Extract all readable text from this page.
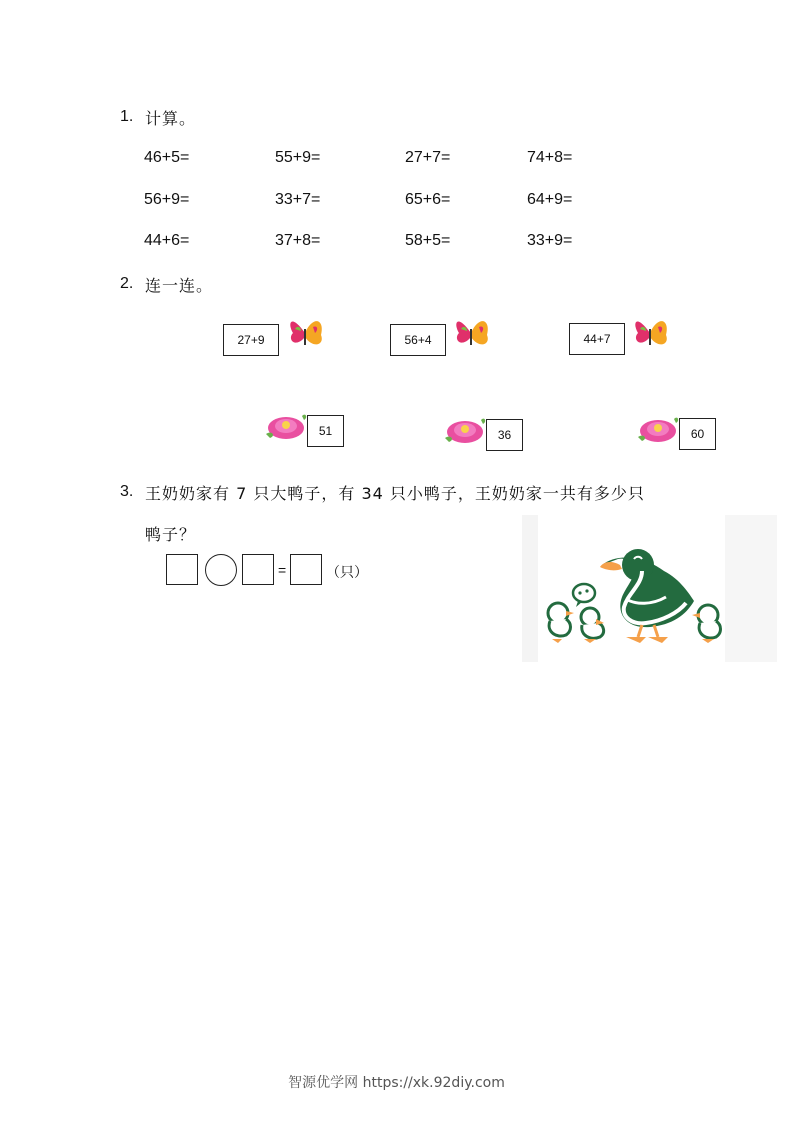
1. 计算。
46+5=	55+9=	27+7=	74+8=
56+9=	33+7=	65+6=	64+9=
44+6=	37+8=	58+5=	33+9=
2. 连一连。
27+9	56+4	44+7
51	36	60
3. 王奶奶家有 7 只大鸭子，有 34 只小鸭子，王奶奶家一共有多少只
鸭子？
=	（只）
智源优学网 https://xk.92diy.com
